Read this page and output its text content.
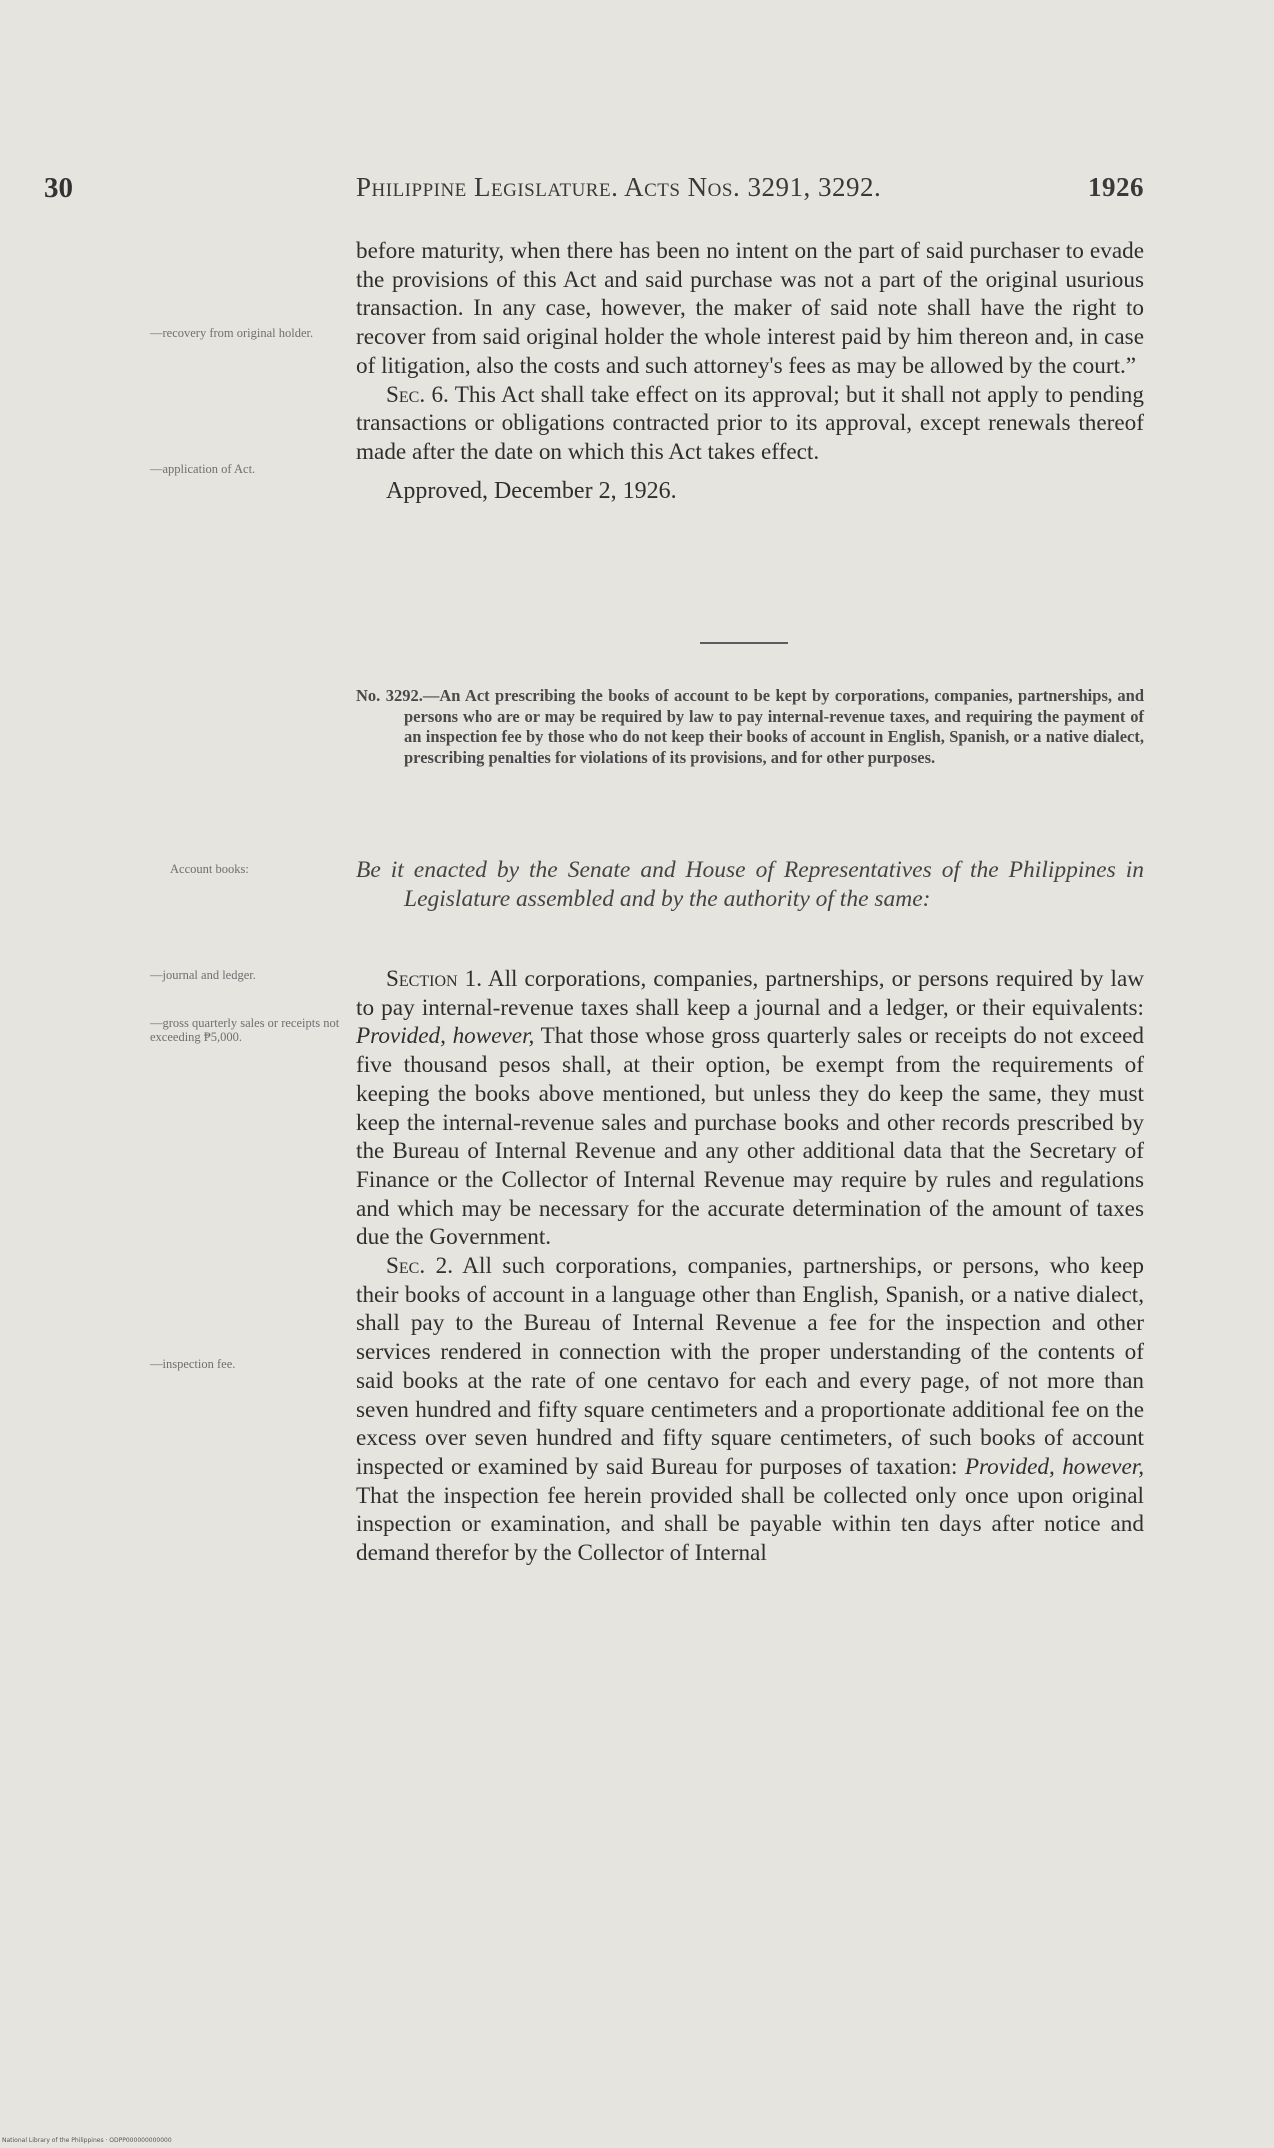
30	Philippine Legislature. Acts Nos. 3291, 3292.	1926

before maturity, when there has been no intent on the part of said purchaser to evade the provisions of this Act and said purchase was not a part of the original usurious transaction. In any case, however, the maker of said note shall have the right to recover from said original holder the whole interest paid by him thereon and, in case of litigation, also the costs and such attorney's fees as may be allowed by the court.”

Sec. 6. This Act shall take effect on its approval; but it shall not apply to pending transactions or obligations contracted prior to its approval, except renewals thereof made after the date on which this Act takes effect.

Approved, December 2, 1926.

—recovery from original holder.
—application of Act.

No. 3292.—An Act prescribing the books of account to be kept by corporations, companies, partnerships, and persons who are or may be required by law to pay internal-revenue taxes, and requiring the payment of an inspection fee by those who do not keep their books of account in English, Spanish, or a native dialect, prescribing penalties for violations of its provisions, and for other purposes.

Account books:	Be it enacted by the Senate and House of Representatives of the Philippines in Legislature assembled and by the authority of the same:

Section 1. All corporations, companies, partnerships, or persons required by law to pay internal-revenue taxes shall keep a journal and a ledger, or their equivalents: Provided, however, That those whose gross quarterly sales or receipts do not exceed five thousand pesos shall, at their option, be exempt from the requirements of keeping the books above mentioned, but unless they do keep the same, they must keep the internal-revenue sales and purchase books and other records prescribed by the Bureau of Internal Revenue and any other additional data that the Secretary of Finance or the Collector of Internal Revenue may require by rules and regulations and which may be necessary for the accurate determination of the amount of taxes due the Government.

Sec. 2. All such corporations, companies, partnerships, or persons, who keep their books of account in a language other than English, Spanish, or a native dialect, shall pay to the Bureau of Internal Revenue a fee for the inspection and other services rendered in connection with the proper understanding of the contents of said books at the rate of one centavo for each and every page, of not more than seven hundred and fifty square centimeters and a proportionate additional fee on the excess over seven hundred and fifty square centimeters, of such books of account inspected or examined by said Bureau for purposes of taxation: Provided, however, That the inspection fee herein provided shall be collected only once upon original inspection or examination, and shall be payable within ten days after notice and demand therefor by the Collector of Internal

—journal and ledger.
—gross quarterly sales or receipts not exceeding ₱5,000.
—inspection fee.
National Library of the Philippines · ODPP000000000000
